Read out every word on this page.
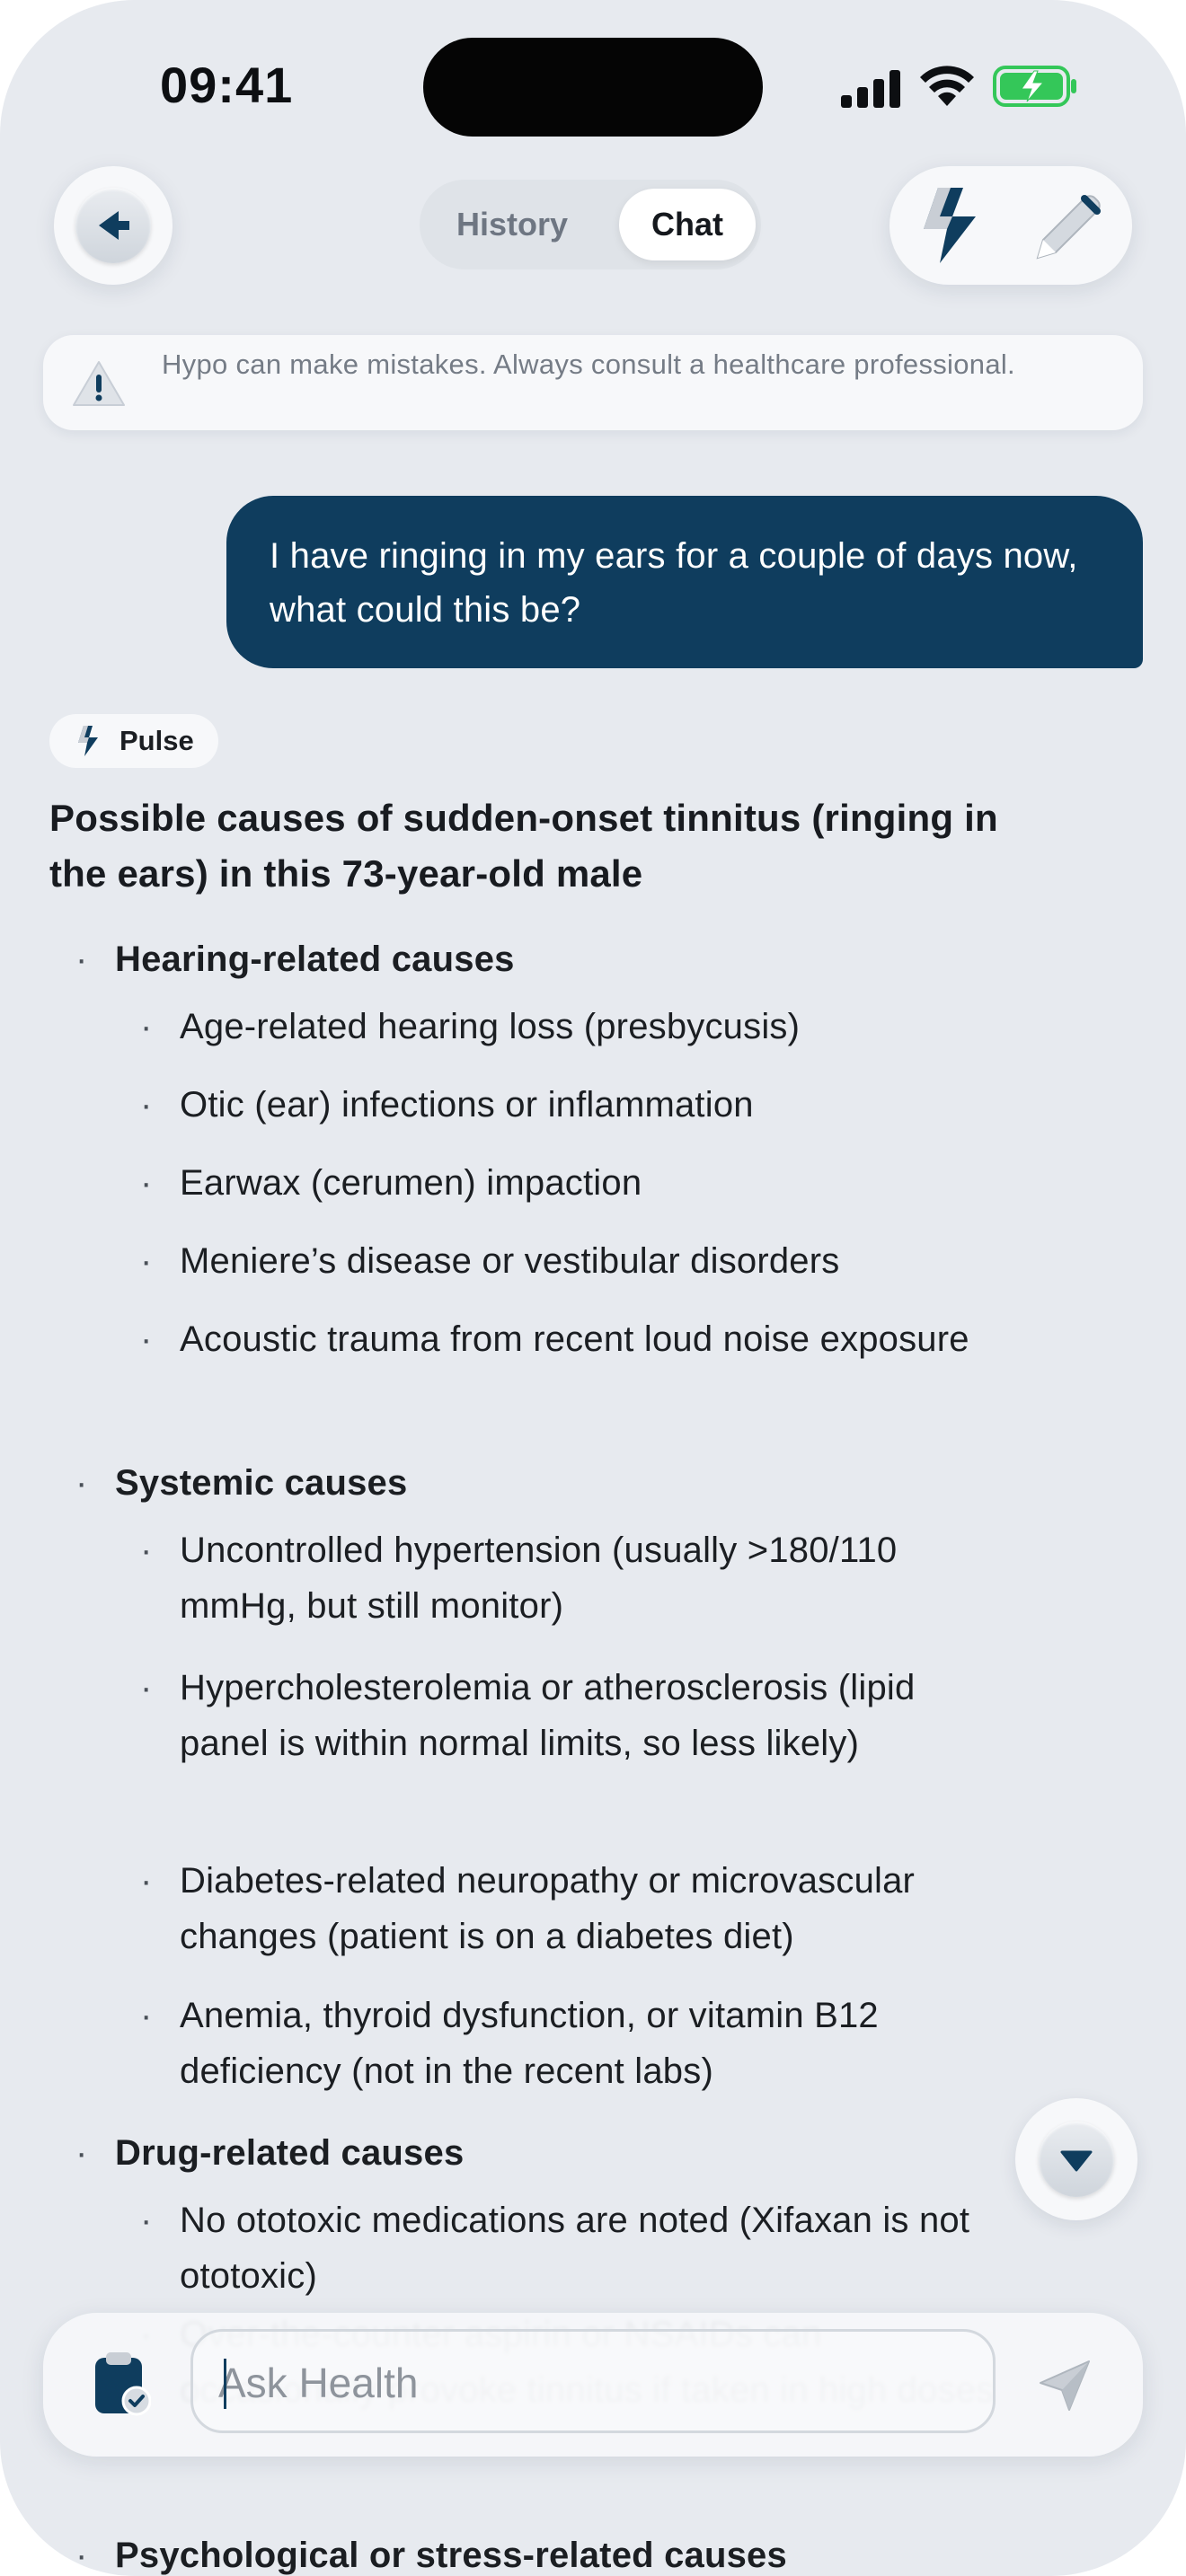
09:41
History	Chat
Hypo can make mistakes. Always consult a healthcare professional.
I have ringing in my ears for a couple of days now, what could this be?
Pulse
Possible causes of sudden-onset tinnitus (ringing in the ears) in this 73-year-old male
· Hearing-related causes
· Age-related hearing loss (presbycusis)
· Otic (ear) infections or inflammation
· Earwax (cerumen) impaction
· Meniere’s disease or vestibular disorders
· Acoustic trauma from recent loud noise exposure
· Systemic causes
· Uncontrolled hypertension (usually >180/110 mmHg, but still monitor)
· Hypercholesterolemia or atherosclerosis (lipid panel is within normal limits, so less likely)
· Diabetes-related neuropathy or microvascular changes (patient is on a diabetes diet)
· Anemia, thyroid dysfunction, or vitamin B12 deficiency (not in the recent labs)
· Drug-related causes
· No ototoxic medications are noted (Xifaxan is not ototoxic)
·
· Psychological or stress-related causes
Ask Health
